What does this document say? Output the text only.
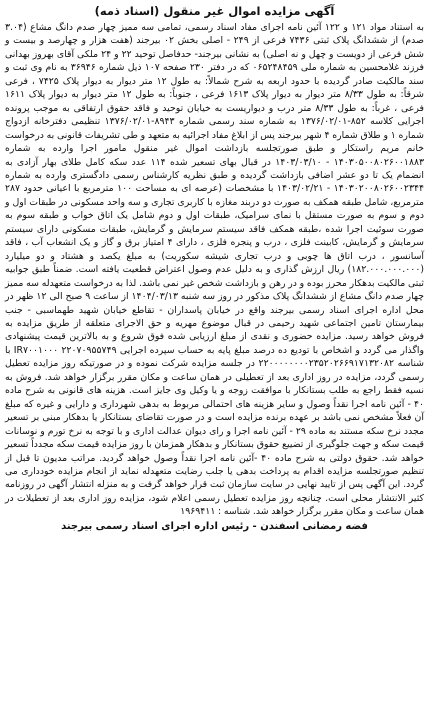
آگهی مزایده اموال غیر منقول (اسناد ذمه)

به استناد مواد ۱۲۱ و ۱۲۲ آئین نامه اجرای مفاد اسناد رسمی، تمامی سه ممیز چهار صدم دانگ مشاع (۳.۰۴ صدم) از ششدانگ پلاک ثبتی ۷۴۳۶ فرعی از ۲۴۹ - اصلی بخش ۰۲ بیرجند (هفت هزار و چهارصد و بیست و شش فرعی از دویست و چهل و نه اصلی) به نشانی بیرجند- حدفاصل توحید ۲۲ و ۲۴ ملکی آقای بهروز بهدانی فرزند غلامحسین به شماره ملی ۰۶۵۲۴۸۴۵۹ که در دفتر ۲۳۰ صفحه ۱۰۷ ذیل شماره ۳۶۹۴۶ به نام وی ثبت و سند مالکیت صادر گردیده با حدود اربعه به شرح شمالاً: به طول ۱۲ متر دیوار به دیوار پلاک ۷۴۲۵ ، فرعی شرقاً: به طول ۸/۳۳ متر دیوار به دیوار پلاک ۱۶۱۳ فرعی ، جنوباً: به طول ۱۲ متر دیوار به دیوار پلاک ۱۶۱۱ فرعی ، غرباً: به طول ۸/۳۳ متر درب و دیواریست به خیابان توحید و فاقد حقوق ارتفاقی به موجب پرونده اجرایی کلاسه ۸۵۲-۱۳۷۶/۰۲/۰۱ به شماره سند رسمی شماره ۸۹۴۳-۱۳۷۶/۰۲/۰۱ تنظیمی دفترخانه ازدواج شماره ۱ و طلاق شماره ۴ شهر بیرجند پس از ابلاغ مفاد اجرائیه به متعهد و طی تشریفات قانونی به درخواست خانم مریم راستکار و طبق صورتجلسه بازداشت اموال غیر منقول مامور اجرا وارده به شماره ۱۴۰۳۰۵۰۰۸۰۲۶۰۰۱۸۸۳ - ۱۴۰۳/۰۳/۱۰ در قبال بهای تسعیر شده ۱۱۴ عدد سکه کامل طلای بهار آزادی به انضمام یک تا دو عشر اضافی بازداشت گردیده و طبق نظریه کارشناس رسمی دادگستری وارده به شماره ۱۴۰۳۰۲۰۰۸۰۲۶۰۰۲۳۴۴ - ۱۴۰۳/۰۲/۲۱ با مشخصات (عرصه ای به مساحت ۱۰۰ مترمربع با اعیانی حدود ۲۸۷ مترمربع، شامل طبقه همکف به صورت دو دربند مغازه با کاربری تجاری و سه واحد مسکونی در طبقات اول و دوم و سوم به صورت مستقل با نمای سرامیک، طبقات اول و دوم شامل یک اتاق خواب و طبقه سوم به صورت سوئیت اجرا شده ،طبقه همکف فاقد سیستم سرمایش و گرمایش، طبقات مسکونی دارای سیستم سرمایش و گرمایش، کابینت فلزی ، درب و پنجره فلزی ، دارای ۴ امتیاز برق و گاز و یک انشعاب آب ، فاقد آسانسور ، درب اتاق ها چوبی و درب تجاری شیشه سکوریت) به مبلغ یکصد و هشتاد و دو میلیارد (۱۸۲.۰۰۰.۰۰۰.۰۰۰) ریال ارزش گذاری و به دلیل عدم وصول اعتراض قطعیت یافته است. ضمناً طبق جوابیه ثبتی مالکیت بدهکار محرز بوده و در رهن و بازداشت شخص غیر نمی باشد. لذا به درخواست متعهدله سه ممیز چهار صدم دانگ مشاع از ششدانگ پلاک مذکور در روز سه شنبه ۱۴۰۴/۰۳/۱۳ از ساعت ۹ صبح الی ۱۲ ظهر در محل اداره اجرای اسناد رسمی بیرجند واقع در خیابان پاسداران - تقاطع خیابان شهید طهماسبی - جنب بیمارستان تامین اجتماعی شهید رحیمی در قبال موضوع مهریه و حق الاجرای متعلقه از طریق مزایده به فروش خواهد رسید. مزایده حضوری و نقدی از مبلغ ارزیابی شده فوق شروع و به بالاترین قیمت پیشنهادی واگذار می گردد و اشخاص با تودیع ده درصد مبلغ پایه به حساب سپرده اجرایی ۲۲۰۷۰۹۵۵۷۴۹ IR۷۰۰۱۰۰۰ با شناسه ۲۲۰۰۰۰۰۰۰۰۲۳۵۲۰۲۶۶۹۱۷۱۳۲۰۸۲ در جلسه مزایده شرکت نموده و در صورتیکه روز مزایده تعطیل رسمی گردد، مزایده در روز اداری بعد از تعطیلی در همان ساعت و مکان مقرر برگزار خواهد شد. فروش به نسیه فقط راجع به طلب بستانکار با موافقت زوجه و یا وکیل وی جایز است. هزینه های قانونی به شرح ماده ۴۰ - آئین نامه اجرا نقداً وصول و سایر هزینه های احتمالی مربوط به بدهی شهرداری و دارایی و غیره که مبلغ آن فعلاً مشخص نمی باشد بر عهده برنده مزایده است و در صورت تقاضای بستانکار یا بدهکار مبنی بر تسعیر مجدد نرخ سکه مستند به ماده ۲۹ - آئین نامه اجرا و رای دیوان عدالت اداری و با توجه به نرخ تورم و نوسانات قیمت سکه و جهت جلوگیری از تضییع حقوق بستانکار و بدهکار همزمان با روز مزایده قیمت سکه مجدداً تسعیر خواهد شد. حقوق دولتی به شرح ماده ۴۰ -آئین نامه اجرا نقداً وصول خواهد گردید. مراتب مدیون تا قبل از تنظیم صورتجلسه مزایده اقدام به پرداخت بدهی یا جلب رضایت متعهدله نماید از انجام مزایده خودداری می گردد. این آگهی پس از تایید نهایی در سایت سازمان ثبت قرار خواهد گرفت و به منزله انتشار آگهی در روزنامه کثیر الانتشار محلی است. چنانچه روز مزایده تعطیل رسمی اعلام شود، مزایده روز اداری بعد از تعطیلات در همان ساعت و مکان مقرر برگزار خواهد شد. شناسه : ۱۹۶۹۴۱۱

فضه رمضانی اسفندن - رئیس اداره اجرای اسناد رسمی بیرجند
